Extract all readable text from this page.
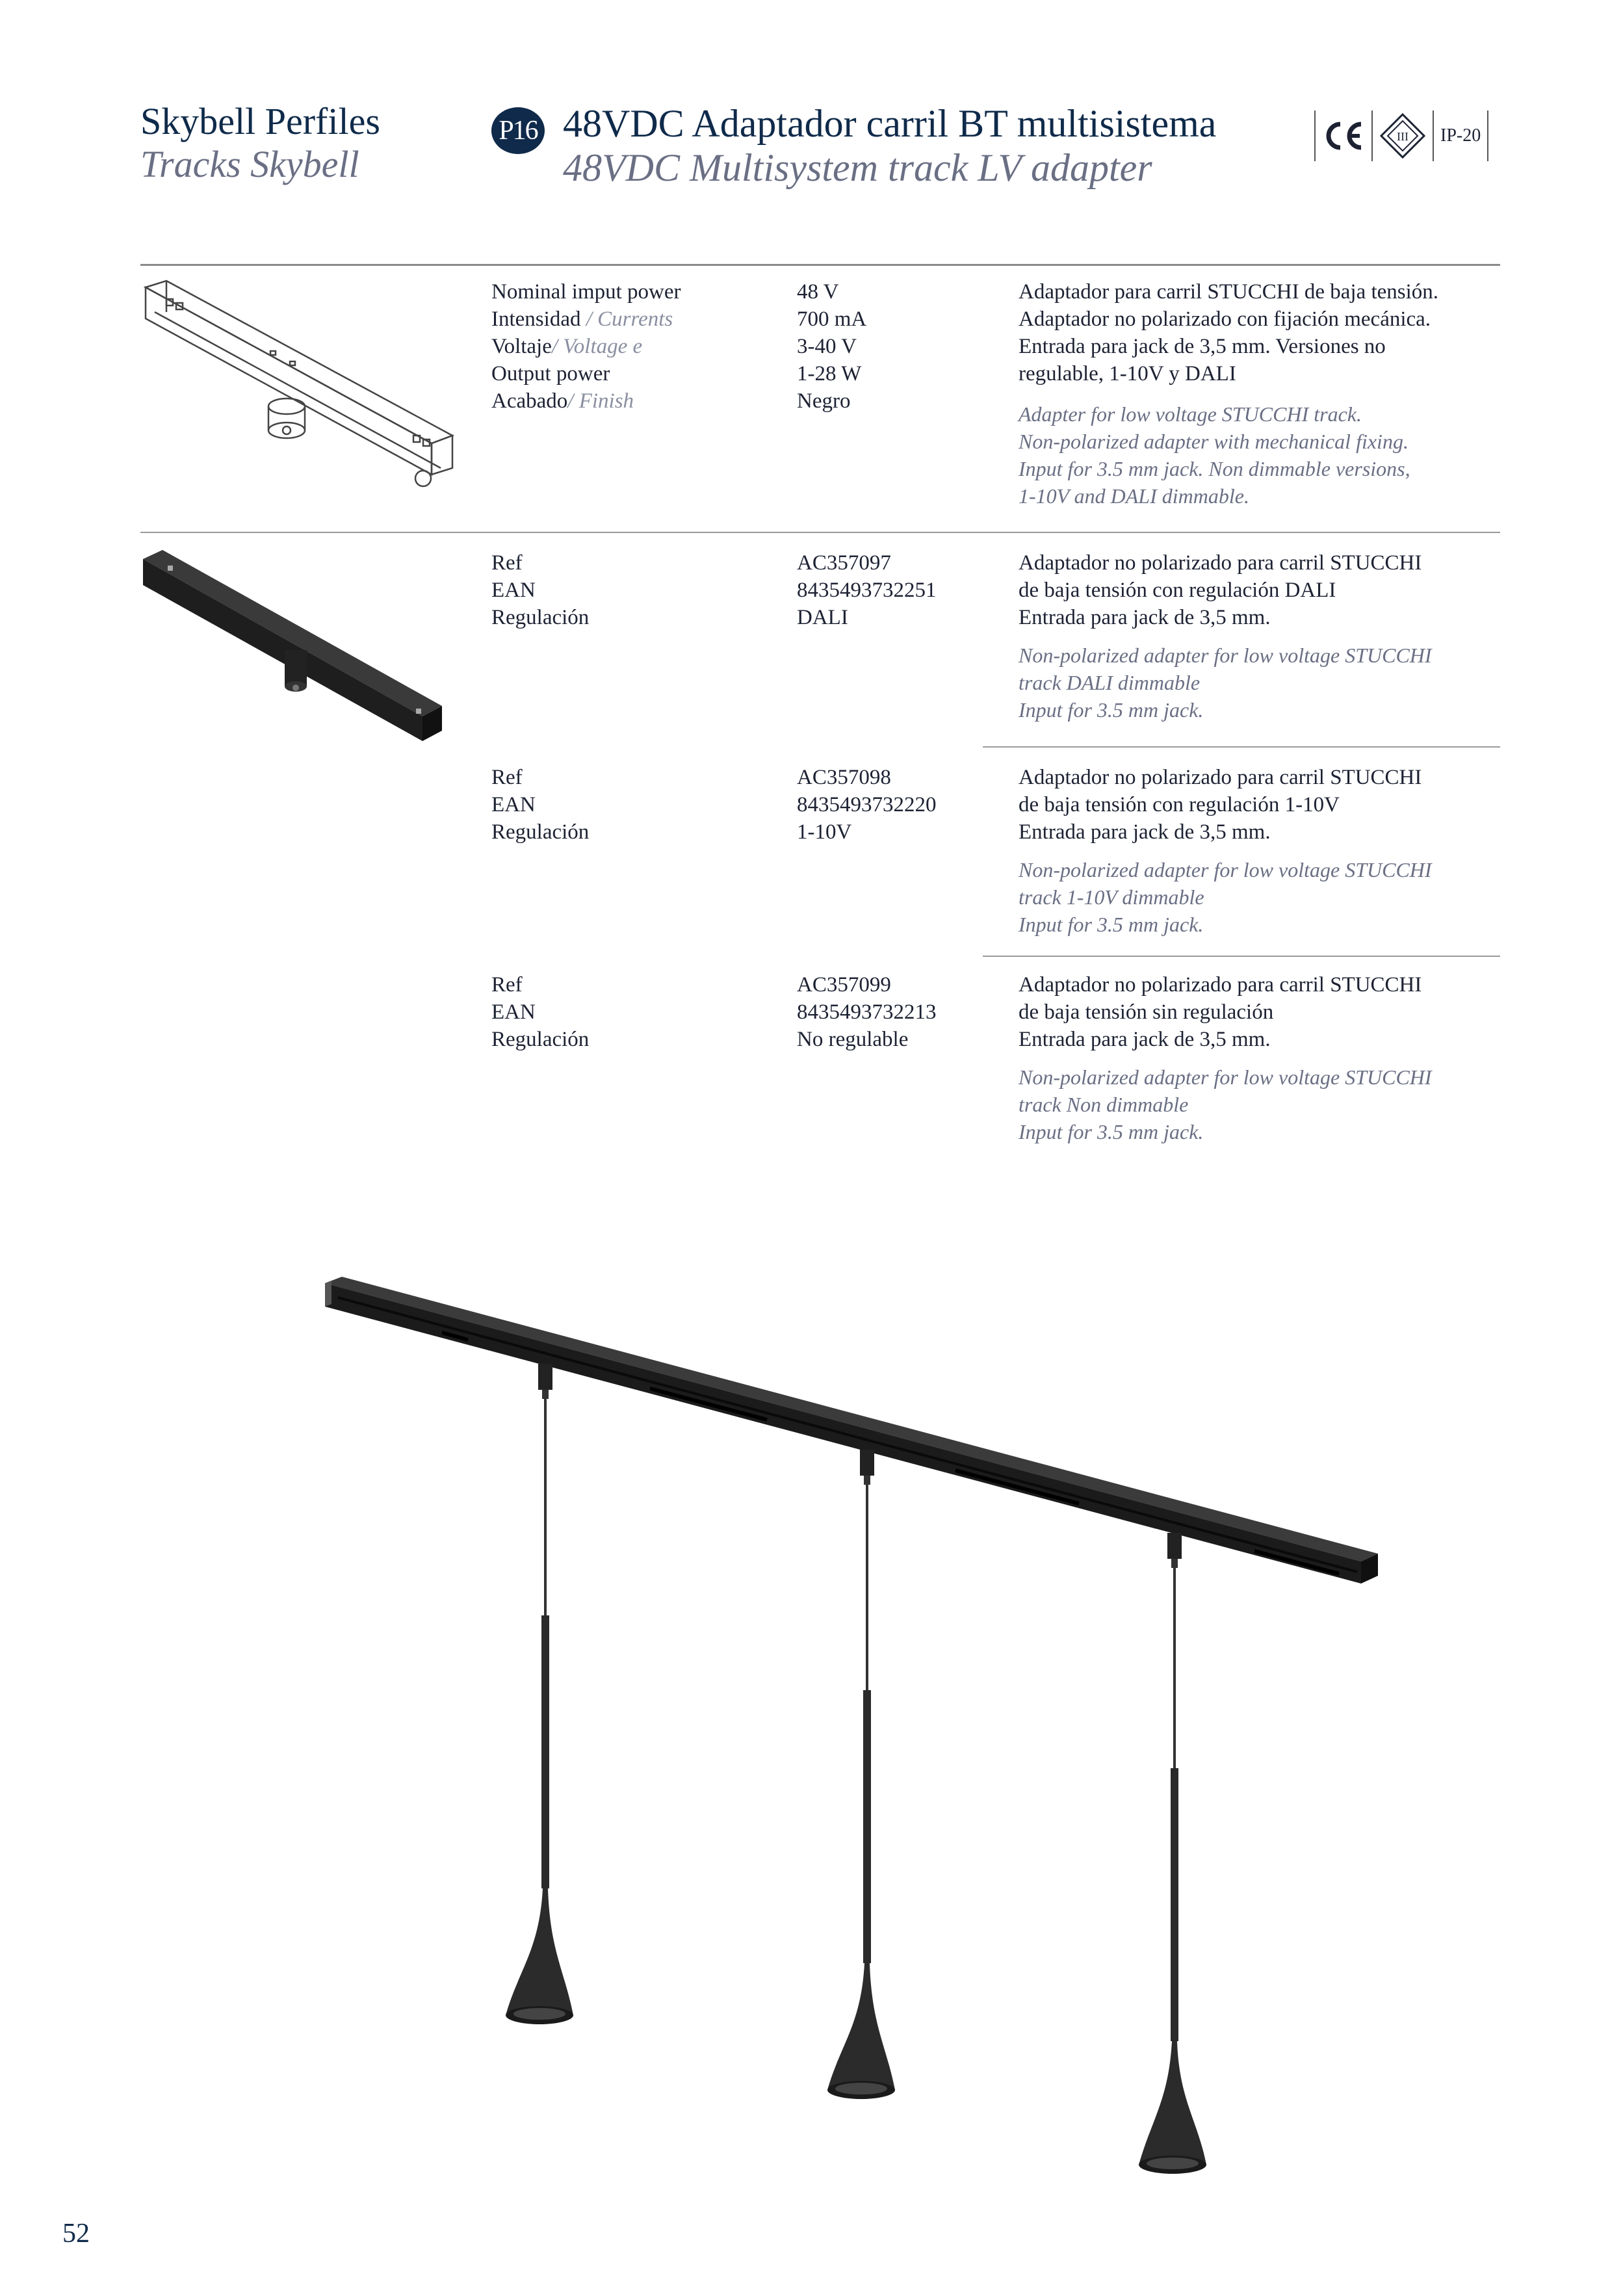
Skybell Perfiles
Tracks Skybell
P16 48VDC Adaptador carril BT multisistema
48VDC Multisystem track LV adapter
III	IP-20
Nominal imput power
Intensidad / Currents
Voltaje/ Voltage e
Output power
Acabado/ Finish
48 V
700 mA
3-40 V
1-28 W
Negro
Adaptador para carril STUCCHI de baja tensión.
Adaptador no polarizado con fijación mecánica.
Entrada para jack de 3,5 mm. Versiones no
regulable, 1-10V y DALI
Adapter for low voltage STUCCHI track.
Non-polarized adapter with mechanical fixing.
Input for 3.5 mm jack. Non dimmable versions,
1-10V and DALI dimmable.
Ref
EAN
Regulación
AC357097
8435493732251
DALI
Adaptador no polarizado para carril STUCCHI
de baja tensión con regulación DALI
Entrada para jack de 3,5 mm.
Non-polarized adapter for low voltage STUCCHI
track DALI dimmable
Input for 3.5 mm jack.
Ref
EAN
Regulación
AC357098
8435493732220
1-10V
Adaptador no polarizado para carril STUCCHI
de baja tensión con regulación 1-10V
Entrada para jack de 3,5 mm.
Non-polarized adapter for low voltage STUCCHI
track 1-10V dimmable
Input for 3.5 mm jack.
Ref
EAN
Regulación
AC357099
8435493732213
No regulable
Adaptador no polarizado para carril STUCCHI
de baja tensión sin regulación
Entrada para jack de 3,5 mm.
Non-polarized adapter for low voltage STUCCHI
track Non dimmable
Input for 3.5 mm jack.
52
